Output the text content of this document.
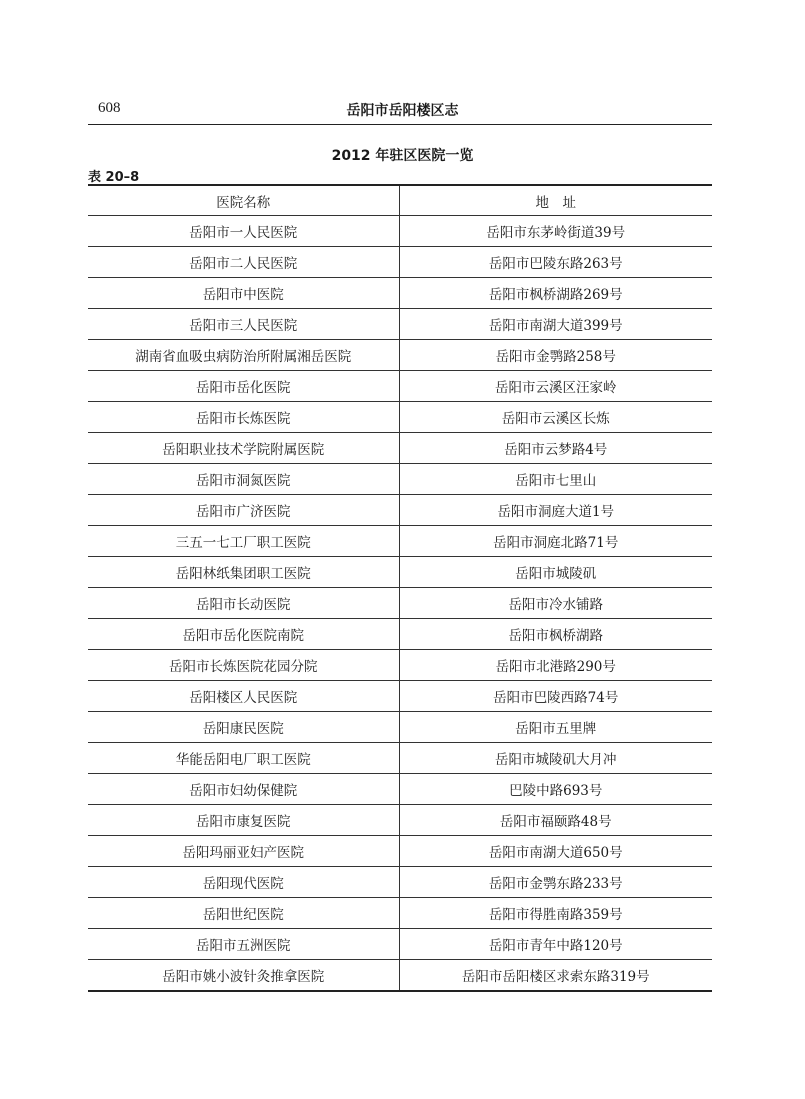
608	岳阳市岳阳楼区志
2012 年驻区医院一览
表 20–8
医院名称	地　址
岳阳市一人民医院	岳阳市东茅岭街道39号
岳阳市二人民医院	岳阳市巴陵东路263号
岳阳市中医院	岳阳市枫桥湖路269号
岳阳市三人民医院	岳阳市南湖大道399号
湖南省血吸虫病防治所附属湘岳医院	岳阳市金鹗路258号
岳阳市岳化医院	岳阳市云溪区汪家岭
岳阳市长炼医院	岳阳市云溪区长炼
岳阳职业技术学院附属医院	岳阳市云梦路4号
岳阳市洞氮医院	岳阳市七里山
岳阳市广济医院	岳阳市洞庭大道1号
三五一七工厂职工医院	岳阳市洞庭北路71号
岳阳林纸集团职工医院	岳阳市城陵矶
岳阳市长动医院	岳阳市冷水铺路
岳阳市岳化医院南院	岳阳市枫桥湖路
岳阳市长炼医院花园分院	岳阳市北港路290号
岳阳楼区人民医院	岳阳市巴陵西路74号
岳阳康民医院	岳阳市五里牌
华能岳阳电厂职工医院	岳阳市城陵矶大月冲
岳阳市妇幼保健院	巴陵中路693号
岳阳市康复医院	岳阳市福颐路48号
岳阳玛丽亚妇产医院	岳阳市南湖大道650号
岳阳现代医院	岳阳市金鹗东路233号
岳阳世纪医院	岳阳市得胜南路359号
岳阳市五洲医院	岳阳市青年中路120号
岳阳市姚小波针灸推拿医院	岳阳市岳阳楼区求索东路319号
